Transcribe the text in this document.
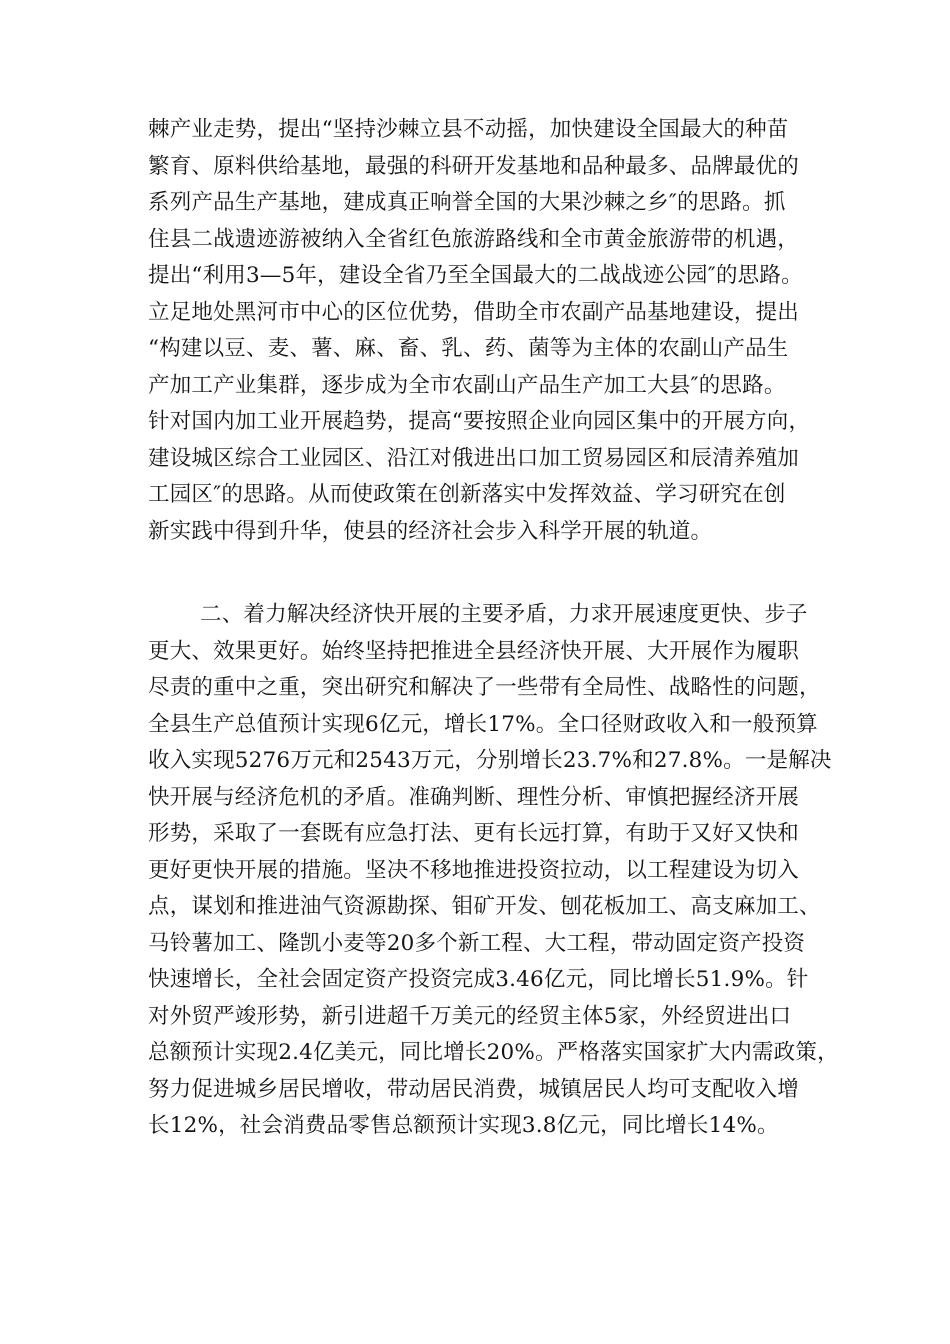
棘产业走势，提出“坚持沙棘立县不动摇，加快建设全国最大的种苗
繁育、原料供给基地，最强的科研开发基地和品种最多、品牌最优的
系列产品生产基地，建成真正响誉全国的大果沙棘之乡″的思路。抓
住县二战遗迹游被纳入全省红色旅游路线和全市黄金旅游带的机遇，
提出“利用3—5年，建设全省乃至全国最大的二战战迹公园″的思路。
立足地处黑河市中心的区位优势，借助全市农副产品基地建设，提出
“构建以豆、麦、薯、麻、畜、乳、药、菌等为主体的农副山产品生
产加工产业集群，逐步成为全市农副山产品生产加工大县″的思路。
针对国内加工业开展趋势，提高“要按照企业向园区集中的开展方向，
建设城区综合工业园区、沿江对俄进出口加工贸易园区和辰清养殖加
工园区″的思路。从而使政策在创新落实中发挥效益、学习研究在创
新实践中得到升华，使县的经济社会步入科学开展的轨道。
二、着力解决经济快开展的主要矛盾，力求开展速度更快、步子
更大、效果更好。始终坚持把推进全县经济快开展、大开展作为履职
尽责的重中之重，突出研究和解决了一些带有全局性、战略性的问题，
全县生产总值预计实现6亿元，增长17%。全口径财政收入和一般预算
收入实现5276万元和2543万元，分别增长23.7%和27.8%。一是解决
快开展与经济危机的矛盾。准确判断、理性分析、审慎把握经济开展
形势，采取了一套既有应急打法、更有长远打算，有助于又好又快和
更好更快开展的措施。坚决不移地推进投资拉动，以工程建设为切入
点，谋划和推进油气资源勘探、钼矿开发、刨花板加工、高支麻加工、
马铃薯加工、隆凯小麦等20多个新工程、大工程，带动固定资产投资
快速增长，全社会固定资产投资完成3.46亿元，同比增长51.9%。针
对外贸严竣形势，新引进超千万美元的经贸主体5家，外经贸进出口
总额预计实现2.4亿美元，同比增长20%。严格落实国家扩大内需政策，
努力促进城乡居民增收，带动居民消费，城镇居民人均可支配收入增
长12%，社会消费品零售总额预计实现3.8亿元，同比增长14%。
